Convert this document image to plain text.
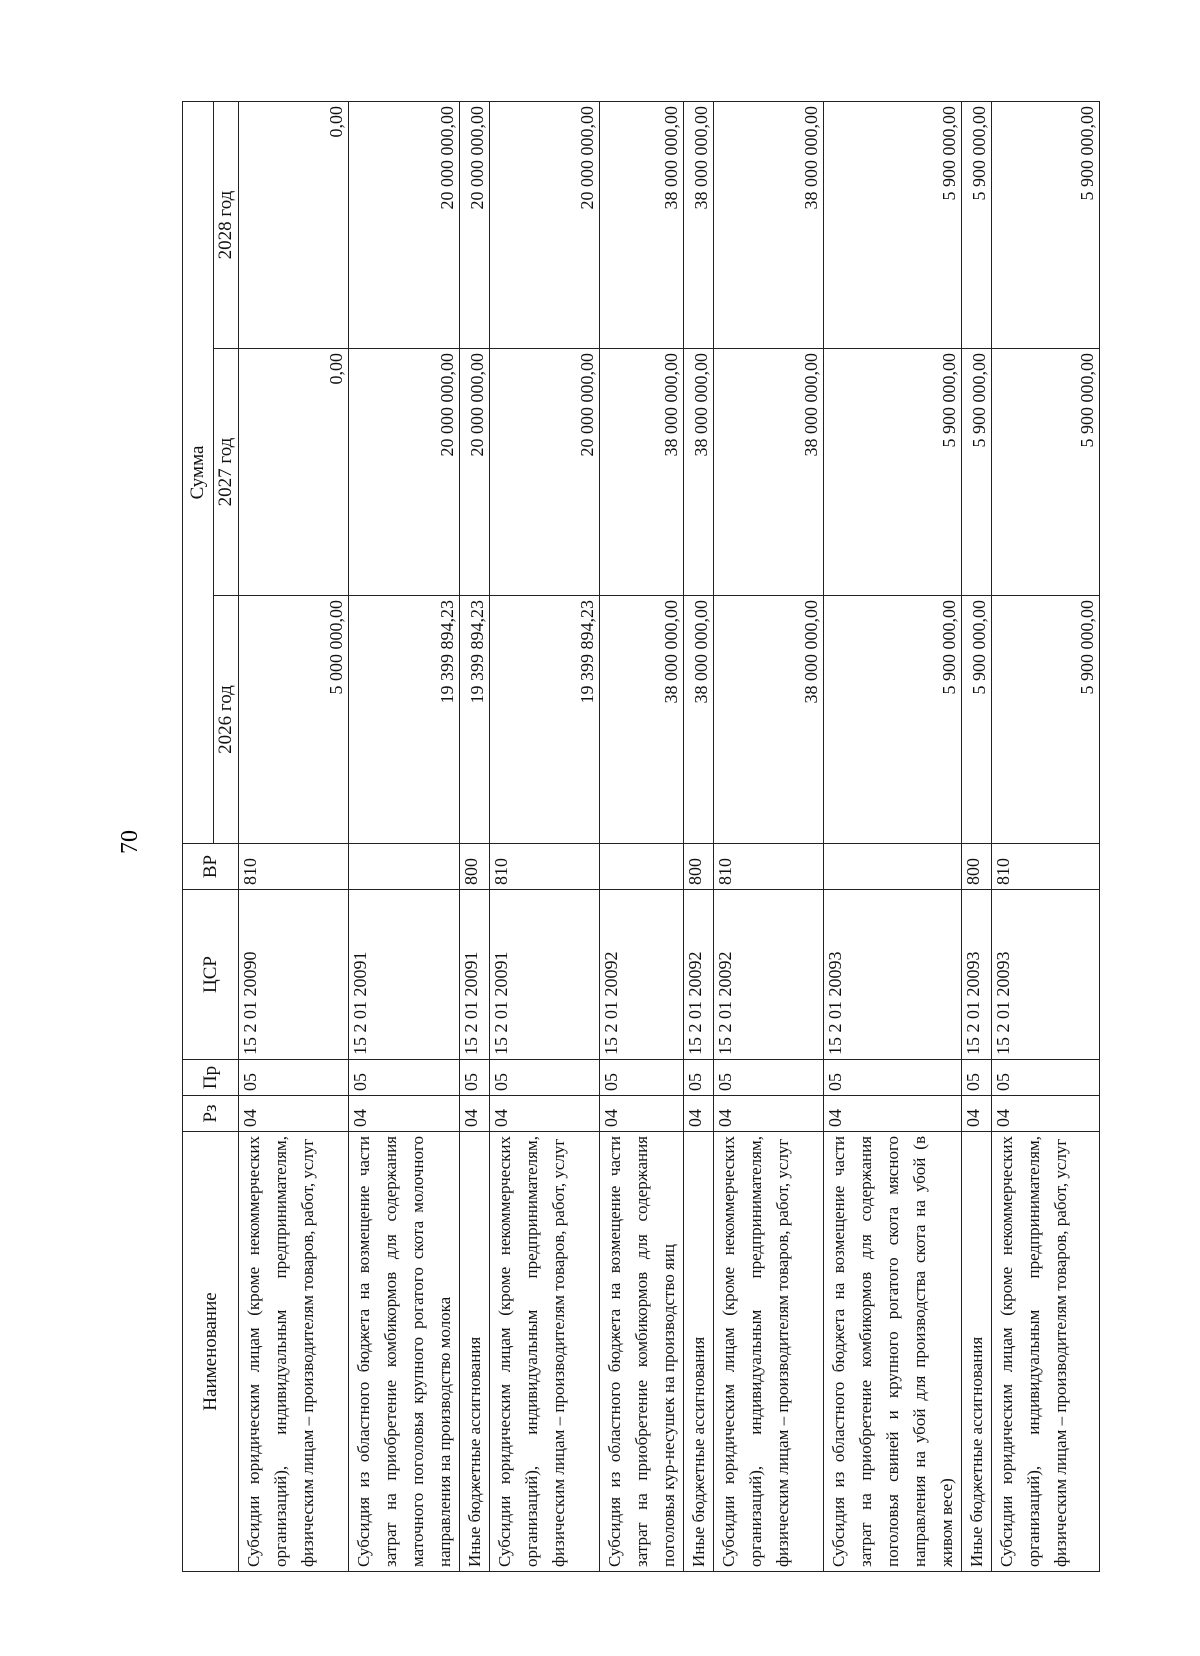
70
Наименование	Рз	Пр	ЦСР	ВР	Сумма		
					2026 год	2027 год	2028 год
Субсидии юридическим лицам (кроме некоммерческих организаций), индивидуальным предпринимателям, физическим лицам – производителям товаров, работ, услуг	04	05	15 2 01 20090	810	5 000 000,00	0,00	0,00
Субсидия из областного бюджета на возмещение части затрат на приобретение комбикормов для содержания маточного поголовья крупного рогатого скота молочного направления на производство молока	04	05	15 2 01 20091		19 399 894,23	20 000 000,00	20 000 000,00
Иные бюджетные ассигнования	04	05	15 2 01 20091	800	19 399 894,23	20 000 000,00	20 000 000,00
Субсидии юридическим лицам (кроме некоммерческих организаций), индивидуальным предпринимателям, физическим лицам – производителям товаров, работ, услуг	04	05	15 2 01 20091	810	19 399 894,23	20 000 000,00	20 000 000,00
Субсидия из областного бюджета на возмещение части затрат на приобретение комбикормов для содержания поголовья кур-несушек на производство яиц	04	05	15 2 01 20092		38 000 000,00	38 000 000,00	38 000 000,00
Иные бюджетные ассигнования	04	05	15 2 01 20092	800	38 000 000,00	38 000 000,00	38 000 000,00
Субсидии юридическим лицам (кроме некоммерческих организаций), индивидуальным предпринимателям, физическим лицам – производителям товаров, работ, услуг	04	05	15 2 01 20092	810	38 000 000,00	38 000 000,00	38 000 000,00
Субсидия из областного бюджета на возмещение части затрат на приобретение комбикормов для содержания поголовья свиней и крупного рогатого скота мясного направления на убой для производства скота на убой (в живом весе)	04	05	15 2 01 20093		5 900 000,00	5 900 000,00	5 900 000,00
Иные бюджетные ассигнования	04	05	15 2 01 20093	800	5 900 000,00	5 900 000,00	5 900 000,00
Субсидии юридическим лицам (кроме некоммерческих организаций), индивидуальным предпринимателям, физическим лицам – производителям товаров, работ, услуг	04	05	15 2 01 20093	810	5 900 000,00	5 900 000,00	5 900 000,00
